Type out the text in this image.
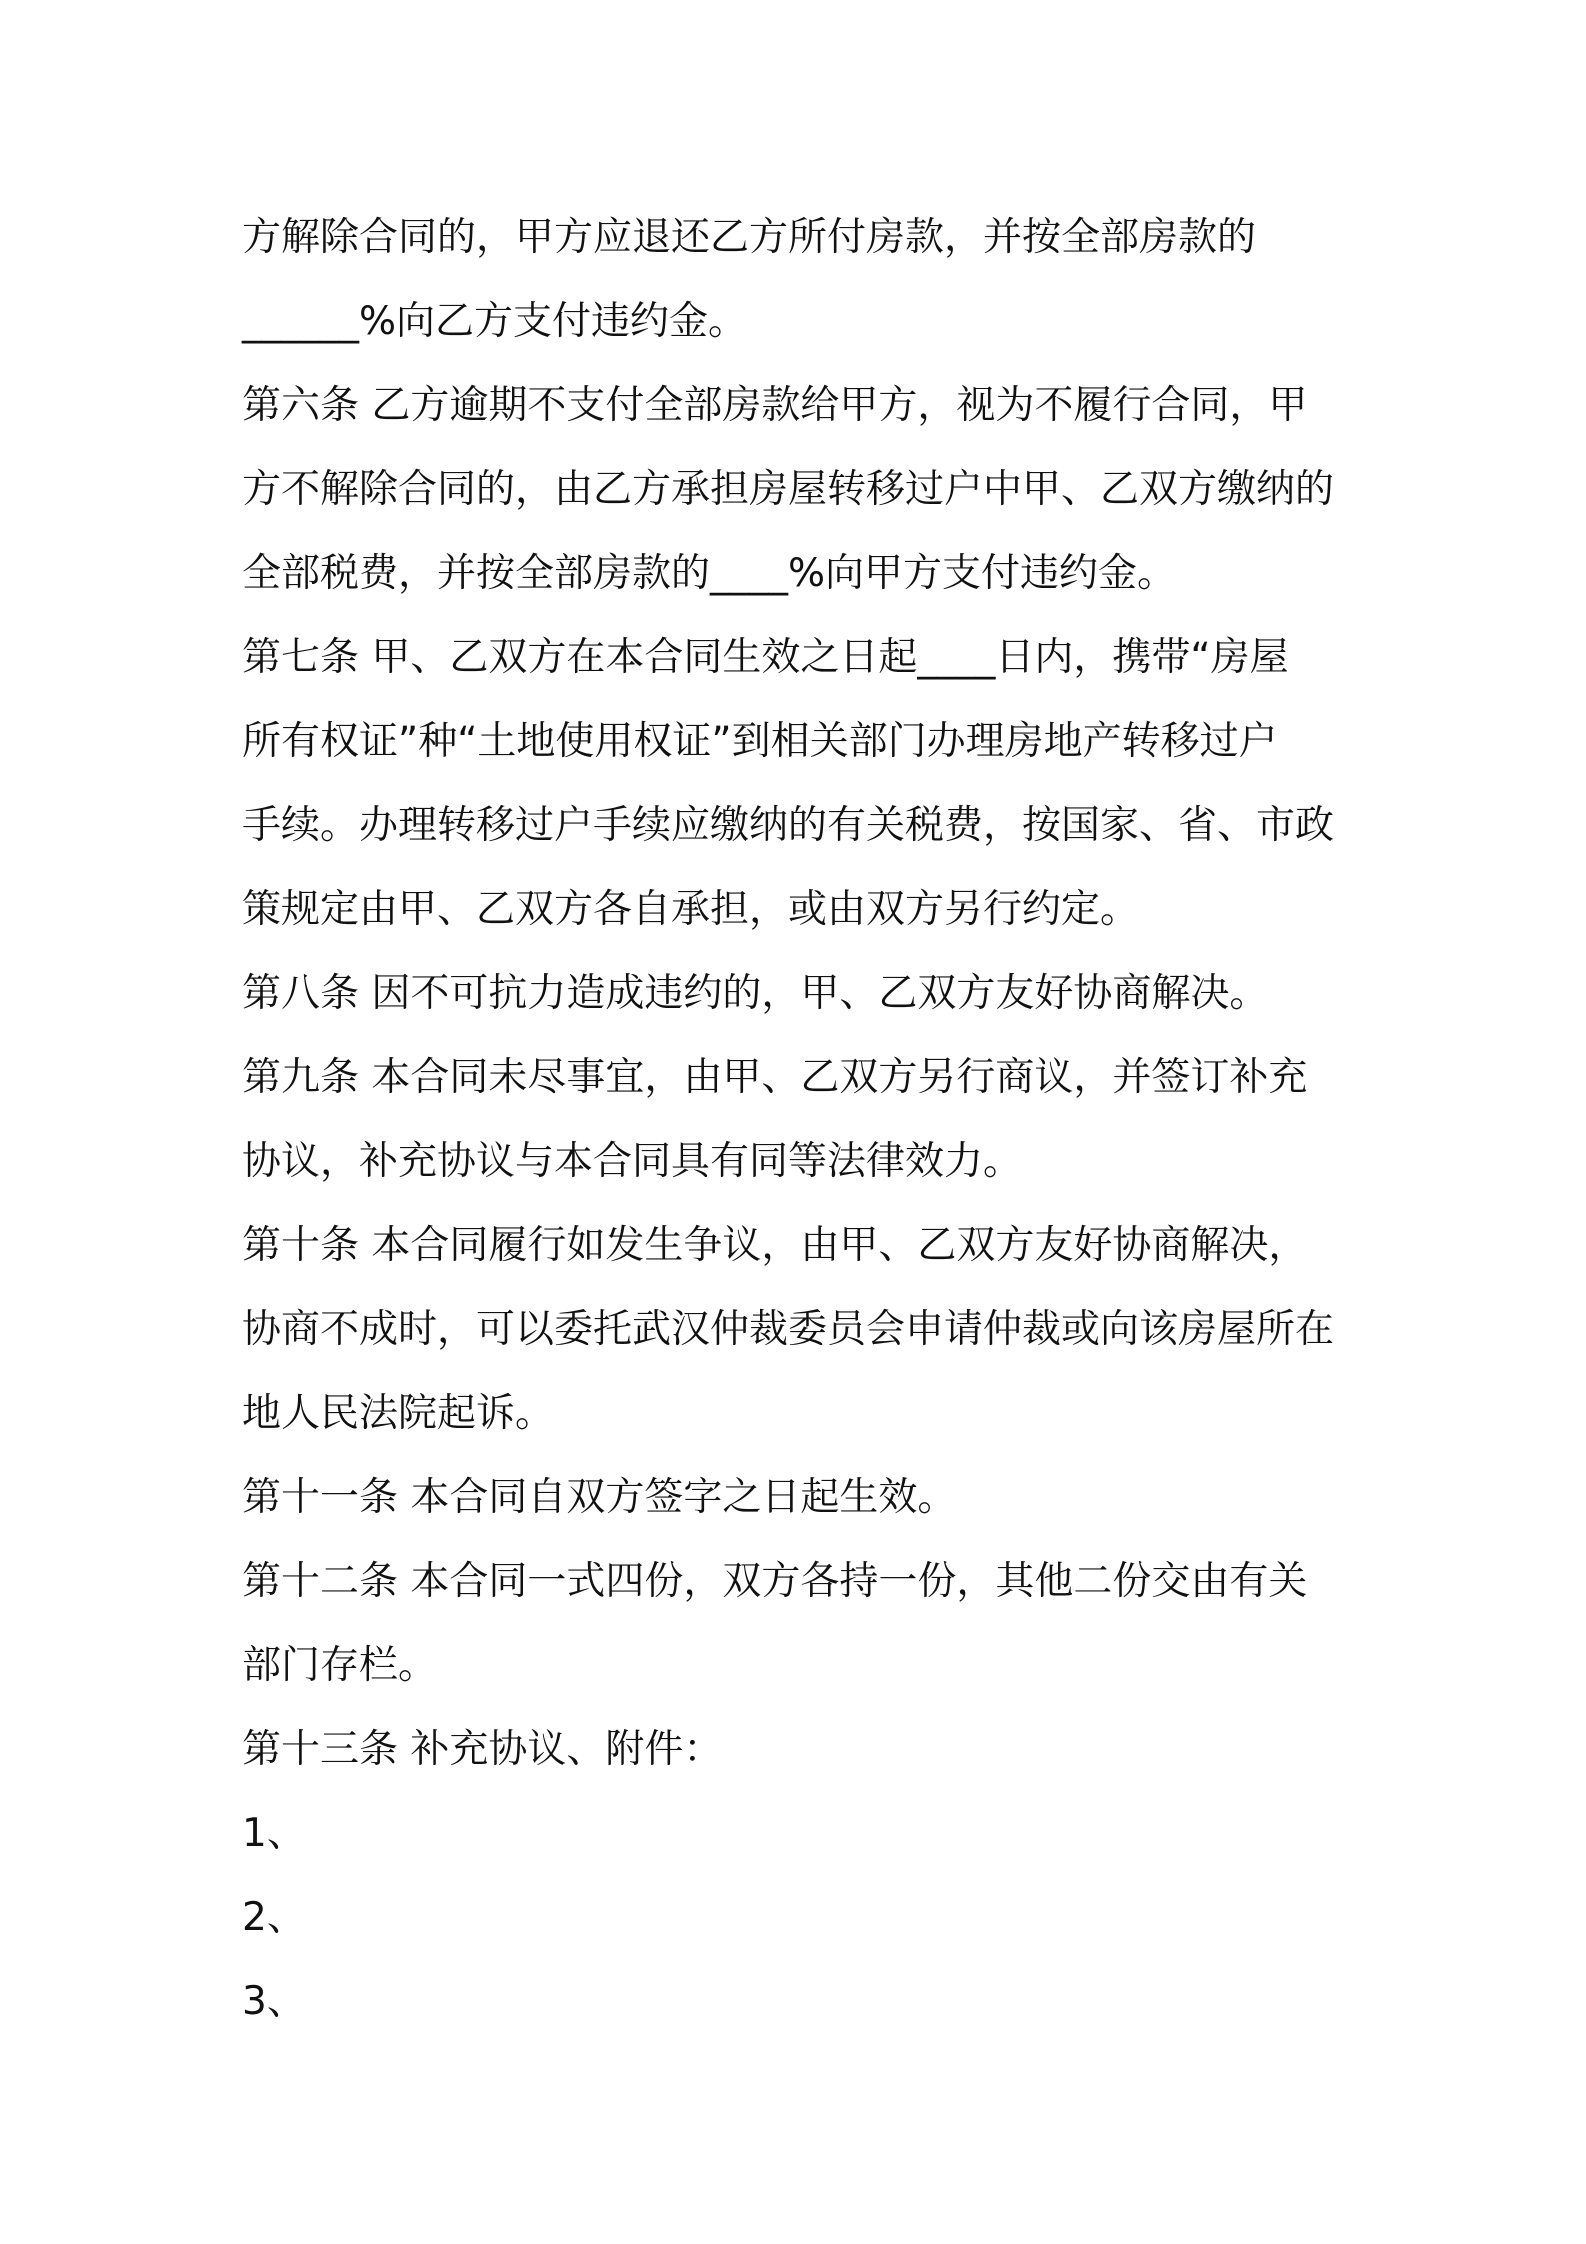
方解除合同的，甲方应退还乙方所付房款，并按全部房款的
______%向乙方支付违约金。
第六条 乙方逾期不支付全部房款给甲方，视为不履行合同，甲
方不解除合同的，由乙方承担房屋转移过户中甲、乙双方缴纳的
全部税费，并按全部房款的____%向甲方支付违约金。
第七条 甲、乙双方在本合同生效之日起____日内，携带“房屋
所有权证”种“土地使用权证”到相关部门办理房地产转移过户
手续。办理转移过户手续应缴纳的有关税费，按国家、省、市政
策规定由甲、乙双方各自承担，或由双方另行约定。
第八条 因不可抗力造成违约的，甲、乙双方友好协商解决。
第九条 本合同未尽事宜，由甲、乙双方另行商议，并签订补充
协议，补充协议与本合同具有同等法律效力。
第十条 本合同履行如发生争议，由甲、乙双方友好协商解决，
协商不成时，可以委托武汉仲裁委员会申请仲裁或向该房屋所在
地人民法院起诉。
第十一条 本合同自双方签字之日起生效。
第十二条 本合同一式四份，双方各持一份，其他二份交由有关
部门存栏。
第十三条 补充协议、附件：
1、
2、
3、
